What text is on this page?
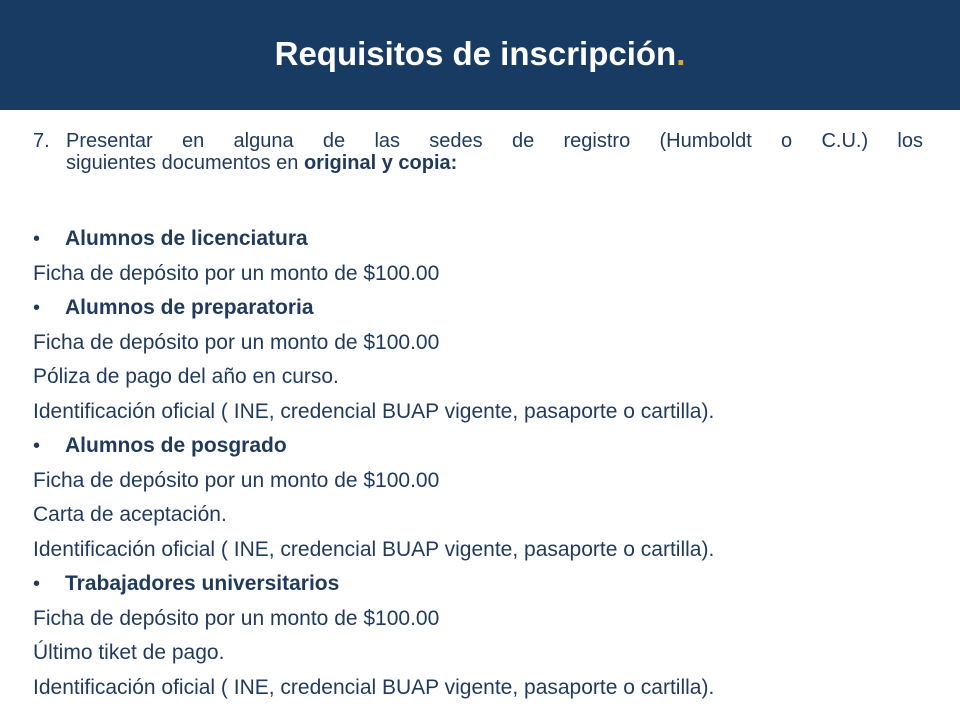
Requisitos de inscripción.
7. Presentar en alguna de las sedes de registro (Humboldt o C.U.) los
siguientes documentos en original y copia:
•	Alumnos de licenciatura
Ficha de depósito por un monto de $100.00
•	Alumnos de preparatoria
Ficha de depósito por un monto de $100.00
Póliza de pago del año en curso.
Identificación oficial ( INE, credencial BUAP vigente, pasaporte o cartilla).
•	Alumnos de posgrado
Ficha de depósito por un monto de $100.00
Carta de aceptación.
Identificación oficial ( INE, credencial BUAP vigente, pasaporte o cartilla).
•	Trabajadores universitarios
Ficha de depósito por un monto de $100.00
Último tiket de pago.
Identificación oficial ( INE, credencial BUAP vigente, pasaporte o cartilla).
